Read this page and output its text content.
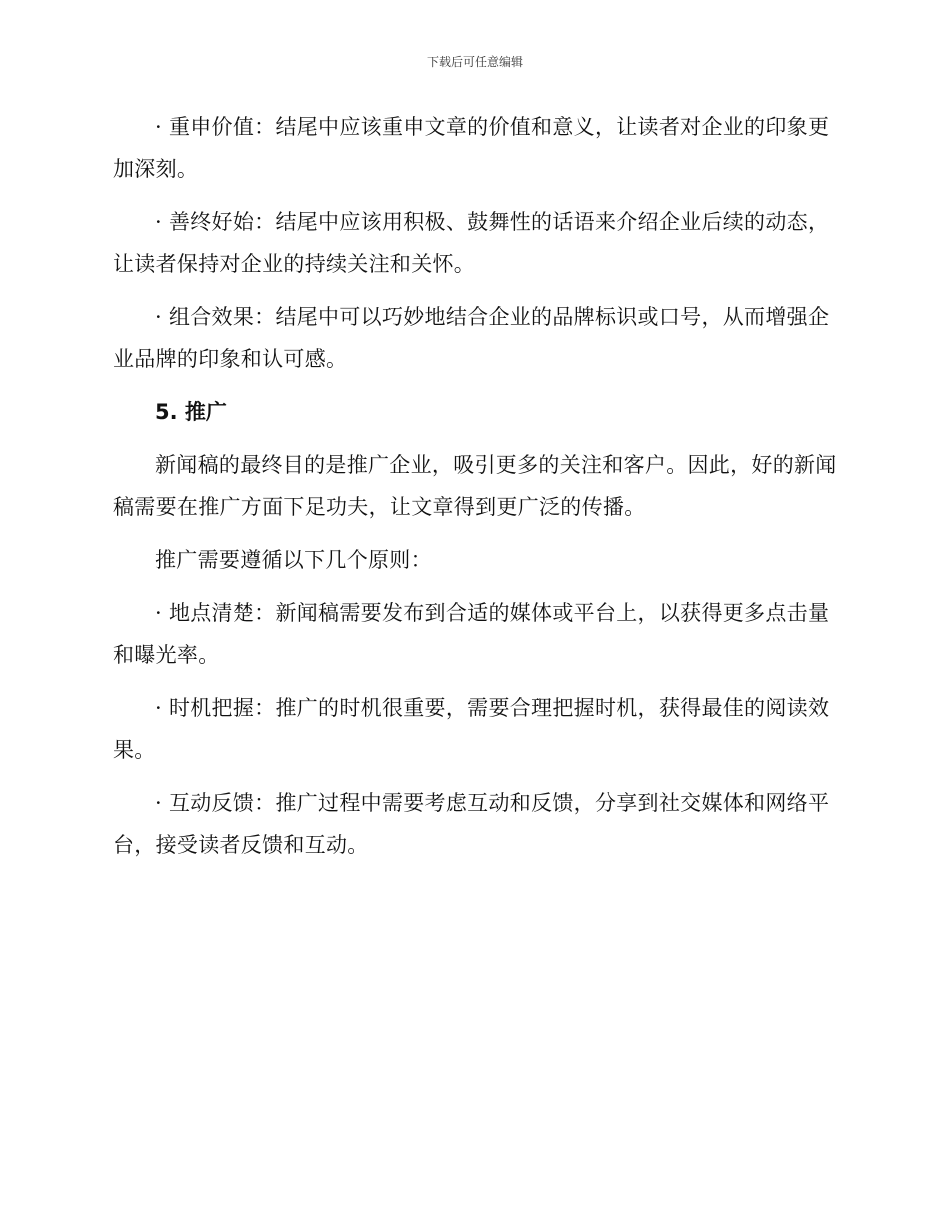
下载后可任意编辑

· 重申价值：结尾中应该重申文章的价值和意义，让读者对企业的印象更加深刻。

· 善终好始：结尾中应该用积极、鼓舞性的话语来介绍企业后续的动态，让读者保持对企业的持续关注和关怀。

· 组合效果：结尾中可以巧妙地结合企业的品牌标识或口号，从而增强企业品牌的印象和认可感。

5. 推广

新闻稿的最终目的是推广企业，吸引更多的关注和客户。因此，好的新闻稿需要在推广方面下足功夫，让文章得到更广泛的传播。

推广需要遵循以下几个原则：

· 地点清楚：新闻稿需要发布到合适的媒体或平台上，以获得更多点击量和曝光率。

· 时机把握：推广的时机很重要，需要合理把握时机，获得最佳的阅读效果。

· 互动反馈：推广过程中需要考虑互动和反馈，分享到社交媒体和网络平台，接受读者反馈和互动。
